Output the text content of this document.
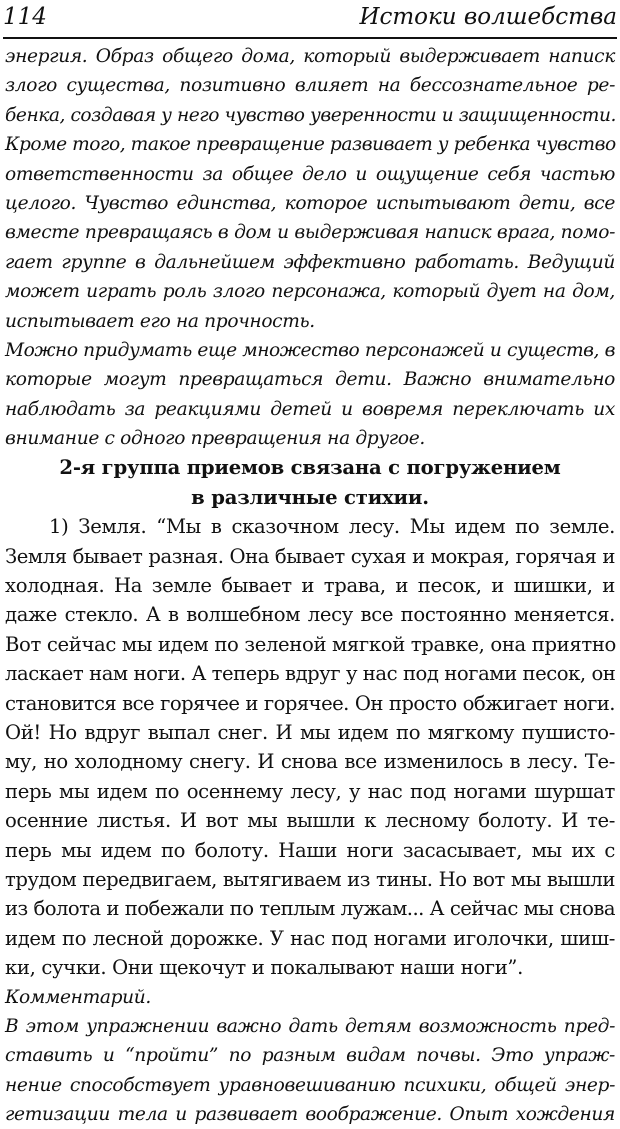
114	Истоки волшебства
энергия. Образ общего дома, который выдерживает написк
злого существа, позитивно влияет на бессознательное ре-
бенка, создавая у него чувство уверенности и защищенности.
Кроме того, такое превращение развивает у ребенка чувство
ответственности за общее дело и ощущение себя частью
целого. Чувство единства, которое испытывают дети, все
вместе превращаясь в дом и выдерживая написк врага, помо-
гает группе в дальнейшем эффективно работать. Ведущий
может играть роль злого персонажа, который дует на дом,
испытывает его на прочность.
Можно придумать еще множество персонажей и существ, в
которые могут превращаться дети. Важно внимательно
наблюдать за реакциями детей и вовремя переключать их
внимание с одного превращения на другое.
2-я группа приемов связана с погружением
в различные стихии.
1) Земля. “Мы в сказочном лесу. Мы идем по земле.
Земля бывает разная. Она бывает сухая и мокрая, горячая и
холодная. На земле бывает и трава, и песок, и шишки, и
даже стекло. А в волшебном лесу все постоянно меняется.
Вот сейчас мы идем по зеленой мягкой травке, она приятно
ласкает нам ноги. А теперь вдруг у нас под ногами песок, он
становится все горячее и горячее. Он просто обжигает ноги.
Ой! Но вдруг выпал снег. И мы идем по мягкому пушисто-
му, но холодному снегу. И снова все изменилось в лесу. Те-
перь мы идем по осеннему лесу, у нас под ногами шуршат
осенние листья. И вот мы вышли к лесному болоту. И те-
перь мы идем по болоту. Наши ноги засасывает, мы их с
трудом передвигаем, вытягиваем из тины. Но вот мы вышли
из болота и побежали по теплым лужам... А сейчас мы снова
идем по лесной дорожке. У нас под ногами иголочки, шиш-
ки, сучки. Они щекочут и покалывают наши ноги”.
Комментарий.
В этом упражнении важно дать детям возможность пред-
ставить и “пройти” по разным видам почвы. Это упраж-
нение способствует уравновешиванию психики, общей энер-
гетизации тела и развивает воображение. Опыт хождения
